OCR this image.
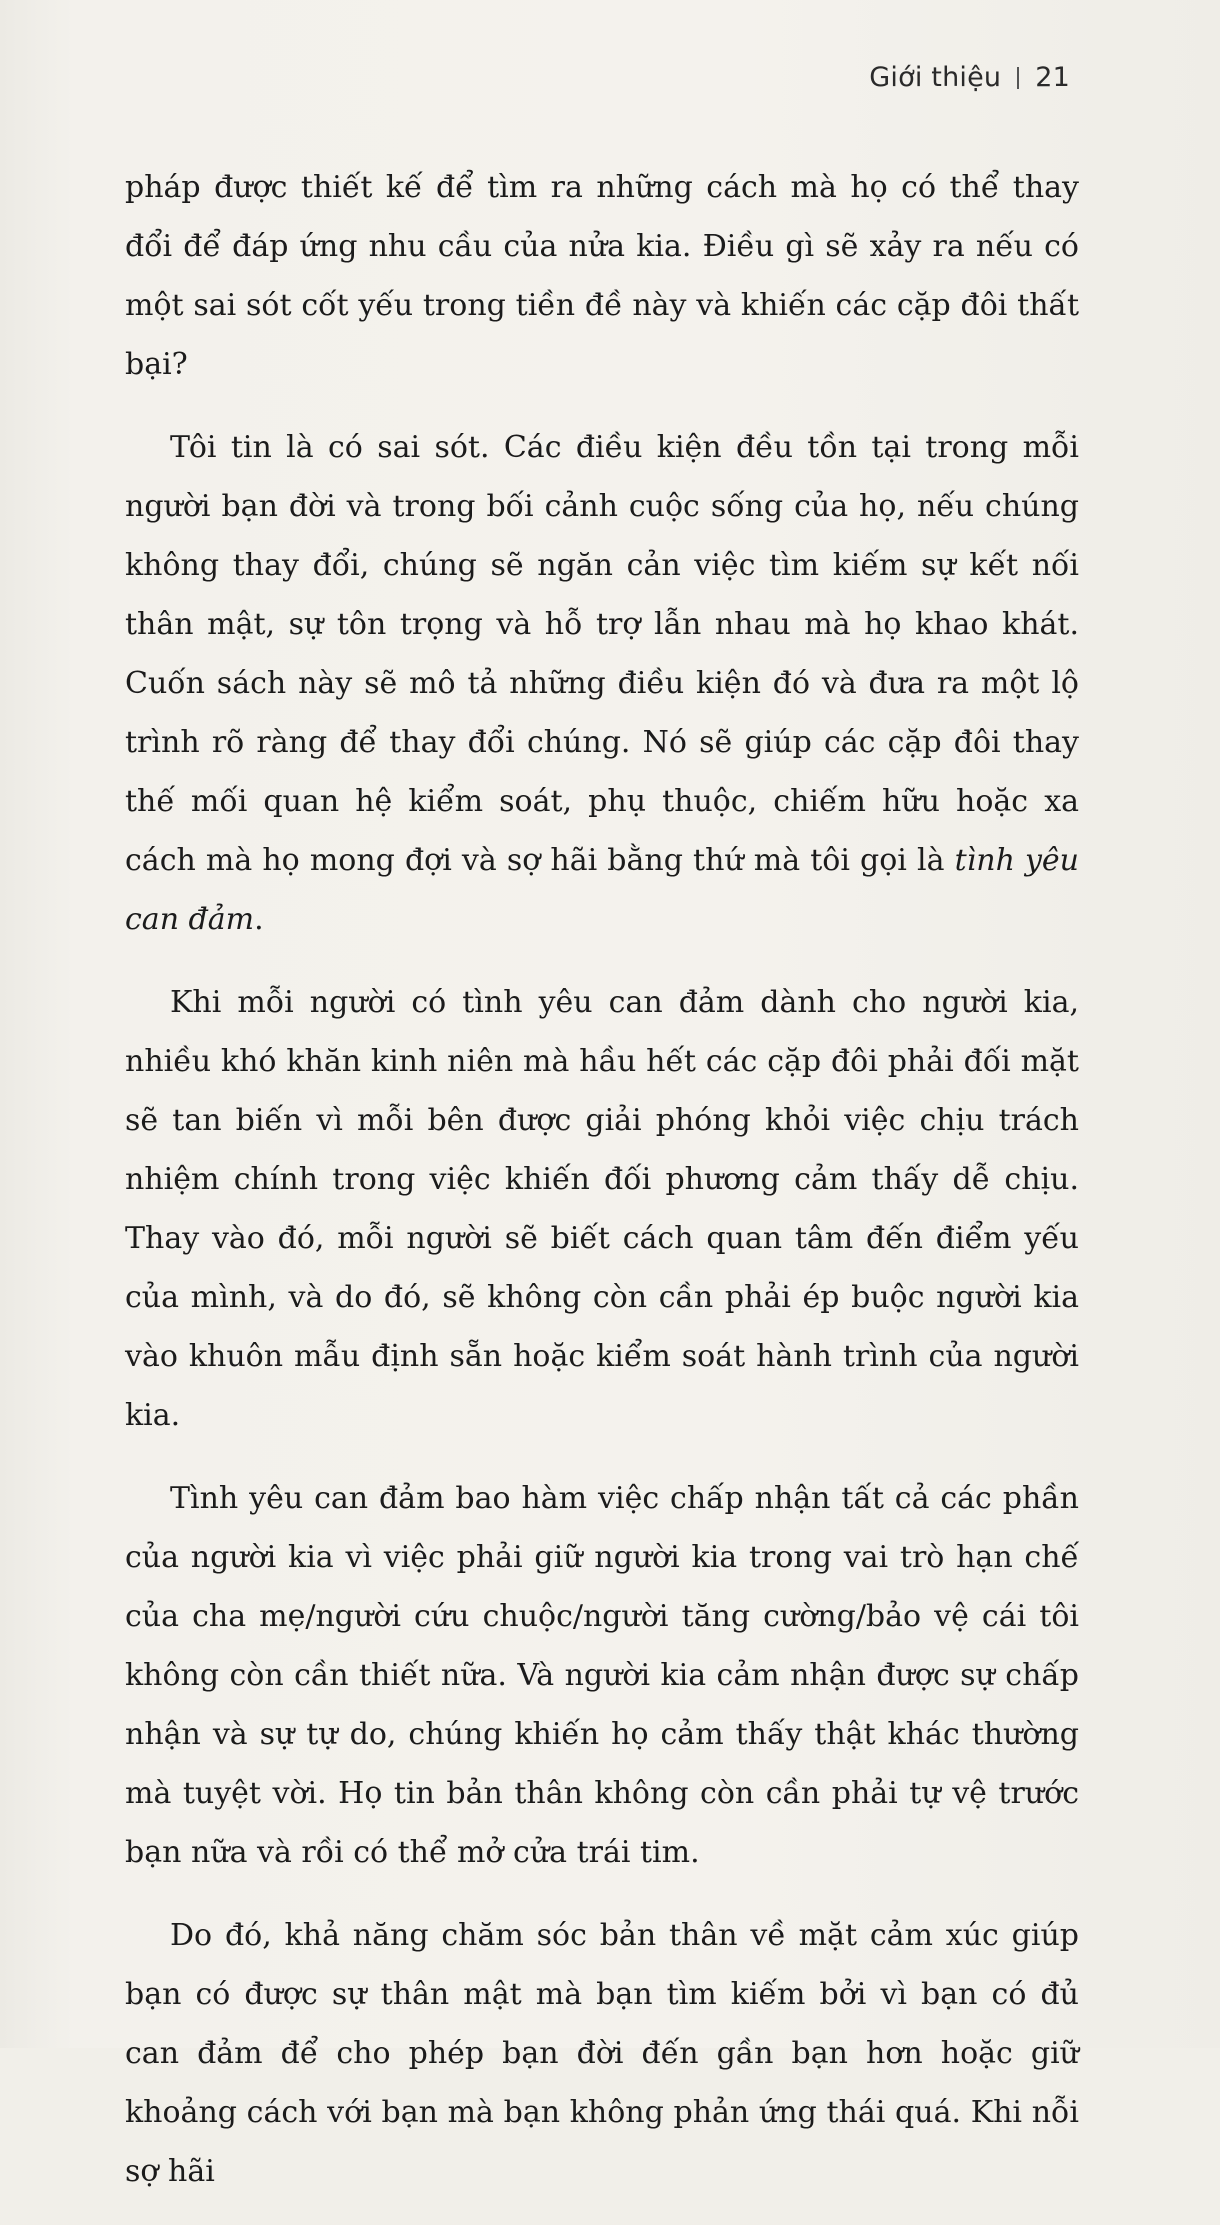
Giới thiệu 21

pháp được thiết kế để tìm ra những cách mà họ có thể thay đổi để đáp ứng nhu cầu của nửa kia. Điều gì sẽ xảy ra nếu có một sai sót cốt yếu trong tiền đề này và khiến các cặp đôi thất bại?

Tôi tin là có sai sót. Các điều kiện đều tồn tại trong mỗi người bạn đời và trong bối cảnh cuộc sống của họ, nếu chúng không thay đổi, chúng sẽ ngăn cản việc tìm kiếm sự kết nối thân mật, sự tôn trọng và hỗ trợ lẫn nhau mà họ khao khát. Cuốn sách này sẽ mô tả những điều kiện đó và đưa ra một lộ trình rõ ràng để thay đổi chúng. Nó sẽ giúp các cặp đôi thay thế mối quan hệ kiểm soát, phụ thuộc, chiếm hữu hoặc xa cách mà họ mong đợi và sợ hãi bằng thứ mà tôi gọi là tình yêu can đảm.

Khi mỗi người có tình yêu can đảm dành cho người kia, nhiều khó khăn kinh niên mà hầu hết các cặp đôi phải đối mặt sẽ tan biến vì mỗi bên được giải phóng khỏi việc chịu trách nhiệm chính trong việc khiến đối phương cảm thấy dễ chịu. Thay vào đó, mỗi người sẽ biết cách quan tâm đến điểm yếu của mình, và do đó, sẽ không còn cần phải ép buộc người kia vào khuôn mẫu định sẵn hoặc kiểm soát hành trình của người kia.

Tình yêu can đảm bao hàm việc chấp nhận tất cả các phần của người kia vì việc phải giữ người kia trong vai trò hạn chế của cha mẹ/người cứu chuộc/người tăng cường/bảo vệ cái tôi không còn cần thiết nữa. Và người kia cảm nhận được sự chấp nhận và sự tự do, chúng khiến họ cảm thấy thật khác thường mà tuyệt vời. Họ tin bản thân không còn cần phải tự vệ trước bạn nữa và rồi có thể mở cửa trái tim.

Do đó, khả năng chăm sóc bản thân về mặt cảm xúc giúp bạn có được sự thân mật mà bạn tìm kiếm bởi vì bạn có đủ can đảm để cho phép bạn đời đến gần bạn hơn hoặc giữ khoảng cách với bạn mà bạn không phản ứng thái quá. Khi nỗi sợ hãi
